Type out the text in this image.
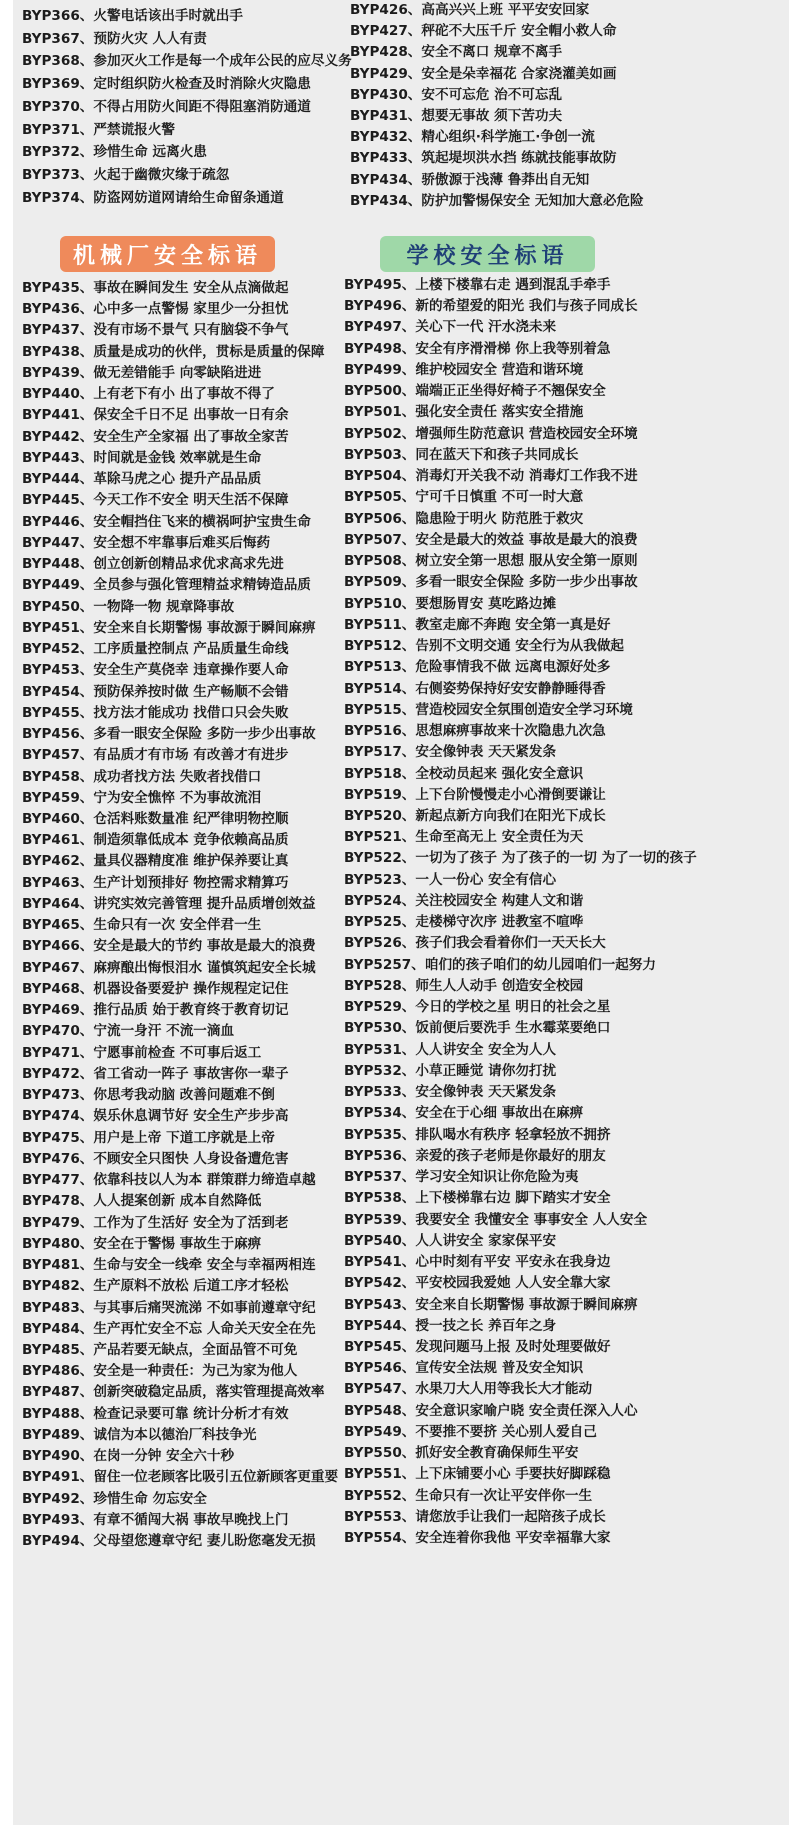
BYP366、火警电话该出手时就出手
BYP367、预防火灾 人人有责
BYP368、参加灭火工作是每一个成年公民的应尽义务
BYP369、定时组织防火检查及时消除火灾隐患
BYP370、不得占用防火间距不得阻塞消防通道
BYP371、严禁谎报火警
BYP372、珍惜生命 远离火患
BYP373、火起于幽微灾缘于疏忽
BYP374、防盗网妨道网请给生命留条通道
BYP426、高高兴兴上班 平平安安回家
BYP427、秤砣不大压千斤 安全帽小救人命
BYP428、安全不离口 规章不离手
BYP429、安全是朵幸福花 合家浇灌美如画
BYP430、安不可忘危 治不可忘乱
BYP431、想要无事故 须下苦功夫
BYP432、精心组织·科学施工·争创一流
BYP433、筑起堤坝洪水挡 练就技能事故防
BYP434、骄傲源于浅薄 鲁莽出自无知
BYP434、防护加警惕保安全 无知加大意必危险
机械厂安全标语	学校安全标语
BYP435、事故在瞬间发生 安全从点滴做起
BYP436、心中多一点警惕 家里少一分担忧
BYP437、没有市场不景气 只有脑袋不争气
BYP438、质量是成功的伙伴，贯标是质量的保障
BYP439、做无差错能手 向零缺陷进进
BYP440、上有老下有小 出了事故不得了
BYP441、保安全千日不足 出事故一日有余
BYP442、安全生产全家福 出了事故全家苦
BYP443、时间就是金钱 效率就是生命
BYP444、革除马虎之心 提升产品品质
BYP445、今天工作不安全 明天生活不保障
BYP446、安全帽挡住飞来的横祸呵护宝贵生命
BYP447、安全想不牢靠事后难买后悔药
BYP448、创立创新创精品求优求高求先进
BYP449、全员参与强化管理精益求精铸造品质
BYP450、一物降一物 规章降事故
BYP451、安全来自长期警惕 事故源于瞬间麻痹
BYP452、工序质量控制点 产品质量生命线
BYP453、安全生产莫侥幸 违章操作要人命
BYP454、预防保养按时做 生产畅顺不会错
BYP455、找方法才能成功 找借口只会失败
BYP456、多看一眼安全保险 多防一步少出事故
BYP457、有品质才有市场 有改善才有进步
BYP458、成功者找方法 失败者找借口
BYP459、宁为安全憔悴 不为事故流泪
BYP460、仓活料账数量准 纪严律明物控顺
BYP461、制造须靠低成本 竞争依赖高品质
BYP462、量具仪器精度准 维护保养要让真
BYP463、生产计划预排好 物控需求精算巧
BYP464、讲究实效完善管理 提升品质增创效益
BYP465、生命只有一次 安全伴君一生
BYP466、安全是最大的节约 事故是最大的浪费
BYP467、麻痹酿出悔恨泪水 谨慎筑起安全长城
BYP468、机器设备要爱护 操作规程定记住
BYP469、推行品质 始于教育终于教育切记
BYP470、宁流一身汗 不流一滴血
BYP471、宁愿事前检查 不可事后返工
BYP472、省工省动一阵子 事故害你一辈子
BYP473、你思考我动脑 改善问题难不倒
BYP474、娱乐休息调节好 安全生产步步高
BYP475、用户是上帝 下道工序就是上帝
BYP476、不顾安全只图快 人身设备遭危害
BYP477、依靠科技以人为本 群策群力缔造卓越
BYP478、人人提案创新 成本自然降低
BYP479、工作为了生活好 安全为了活到老
BYP480、安全在于警惕 事故生于麻痹
BYP481、生命与安全一线牵 安全与幸福两相连
BYP482、生产原料不放松 后道工序才轻松
BYP483、与其事后痛哭流涕 不如事前遵章守纪
BYP484、生产再忙安全不忘 人命关天安全在先
BYP485、产品若要无缺点，全面品管不可免
BYP486、安全是一种责任：为己为家为他人
BYP487、创新突破稳定品质，落实管理提高效率
BYP488、检查记录要可靠 统计分析才有效
BYP489、诚信为本以德治厂科技争光
BYP490、在岗一分钟 安全六十秒
BYP491、留住一位老顾客比吸引五位新顾客更重要
BYP492、珍惜生命 勿忘安全
BYP493、有章不循闯大祸 事故早晚找上门
BYP494、父母望您遵章守纪 妻儿盼您毫发无损
BYP495、上楼下楼靠右走 遇到混乱手牵手
BYP496、新的希望爱的阳光 我们与孩子同成长
BYP497、关心下一代 汗水浇未来
BYP498、安全有序滑滑梯 你上我等别着急
BYP499、维护校园安全 营造和谐环境
BYP500、端端正正坐得好椅子不翘保安全
BYP501、强化安全责任 落实安全措施
BYP502、增强师生防范意识 营造校园安全环境
BYP503、同在蓝天下和孩子共同成长
BYP504、消毒灯开关我不动 消毒灯工作我不进
BYP505、宁可千日慎重 不可一时大意
BYP506、隐患险于明火 防范胜于救灾
BYP507、安全是最大的效益 事故是最大的浪费
BYP508、树立安全第一思想 服从安全第一原则
BYP509、多看一眼安全保险 多防一步少出事故
BYP510、要想肠胃安 莫吃路边摊
BYP511、教室走廊不奔跑 安全第一真是好
BYP512、告别不文明交通 安全行为从我做起
BYP513、危险事情我不做 远离电源好处多
BYP514、右侧姿势保持好安安静静睡得香
BYP515、营造校园安全氛围创造安全学习环境
BYP516、思想麻痹事故来十次隐患九次急
BYP517、安全像钟表 天天紧发条
BYP518、全校动员起来 强化安全意识
BYP519、上下台阶慢慢走小心滑倒要谦让
BYP520、新起点新方向我们在阳光下成长
BYP521、生命至高无上 安全责任为天
BYP522、一切为了孩子 为了孩子的一切 为了一切的孩子
BYP523、一人一份心 安全有信心
BYP524、关注校园安全 构建人文和谐
BYP525、走楼梯守次序 进教室不喧哗
BYP526、孩子们我会看着你们一天天长大
BYP5257、咱们的孩子咱们的幼儿园咱们一起努力
BYP528、师生人人动手 创造安全校园
BYP529、今日的学校之星 明日的社会之星
BYP530、饭前便后要洗手 生水霉菜要绝口
BYP531、人人讲安全 安全为人人
BYP532、小草正睡觉 请你勿打扰
BYP533、安全像钟表 天天紧发条
BYP534、安全在于心细 事故出在麻痹
BYP535、排队喝水有秩序 轻拿轻放不拥挤
BYP536、亲爱的孩子老师是你最好的朋友
BYP537、学习安全知识让你危险为夷
BYP538、上下楼梯靠右边 脚下踏实才安全
BYP539、我要安全 我懂安全 事事安全 人人安全
BYP540、人人讲安全 家家保平安
BYP541、心中时刻有平安 平安永在我身边
BYP542、平安校园我爱她 人人安全靠大家
BYP543、安全来自长期警惕 事故源于瞬间麻痹
BYP544、授一技之长 养百年之身
BYP545、发现问题马上报 及时处理要做好
BYP546、宣传安全法规 普及安全知识
BYP547、水果刀大人用等我长大才能动
BYP548、安全意识家喻户晓 安全责任深入人心
BYP549、不要推不要挤 关心别人爱自己
BYP550、抓好安全教育确保师生平安
BYP551、上下床铺要小心 手要扶好脚踩稳
BYP552、生命只有一次让平安伴你一生
BYP553、请您放手让我们一起陪孩子成长
BYP554、安全连着你我他 平安幸福靠大家
